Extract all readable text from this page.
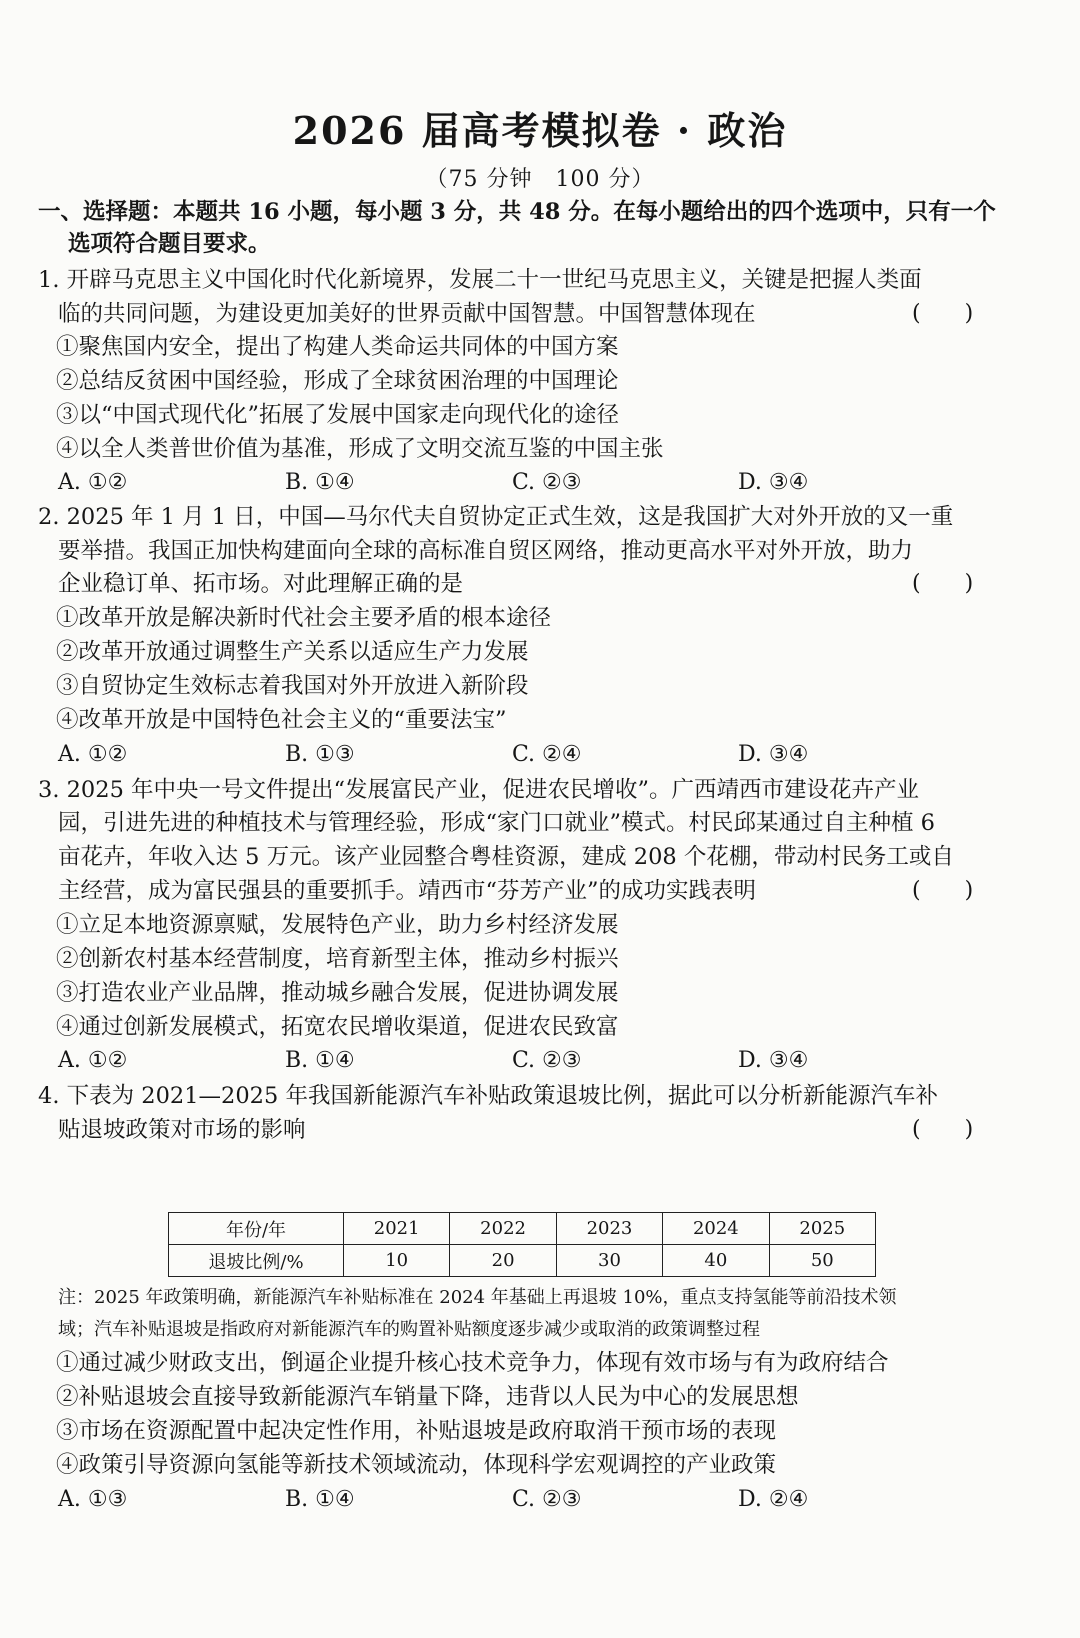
2026 届高考模拟卷 · 政治
（75 分钟　100 分）
一、选择题：本题共 16 小题，每小题 3 分，共 48 分。在每小题给出的四个选项中，只有一个
选项符合题目要求。
1. 开辟马克思主义中国化时代化新境界，发展二十一世纪马克思主义，关键是把握人类面
临的共同问题，为建设更加美好的世界贡献中国智慧。中国智慧体现在	(　　)
①聚焦国内安全，提出了构建人类命运共同体的中国方案
②总结反贫困中国经验，形成了全球贫困治理的中国理论
③以“中国式现代化”拓展了发展中国家走向现代化的途径
④以全人类普世价值为基准，形成了文明交流互鉴的中国主张
A. ①②	B. ①④	C. ②③	D. ③④
2. 2025 年 1 月 1 日，中国—马尔代夫自贸协定正式生效，这是我国扩大对外开放的又一重
要举措。我国正加快构建面向全球的高标准自贸区网络，推动更高水平对外开放，助力
企业稳订单、拓市场。对此理解正确的是	(　　)
①改革开放是解决新时代社会主要矛盾的根本途径
②改革开放通过调整生产关系以适应生产力发展
③自贸协定生效标志着我国对外开放进入新阶段
④改革开放是中国特色社会主义的“重要法宝”
A. ①②	B. ①③	C. ②④	D. ③④
3. 2025 年中央一号文件提出“发展富民产业，促进农民增收”。广西靖西市建设花卉产业
园，引进先进的种植技术与管理经验，形成“家门口就业”模式。村民邱某通过自主种植 6
亩花卉，年收入达 5 万元。该产业园整合粤桂资源，建成 208 个花棚，带动村民务工或自
主经营，成为富民强县的重要抓手。靖西市“芬芳产业”的成功实践表明	(　　)
①立足本地资源禀赋，发展特色产业，助力乡村经济发展
②创新农村基本经营制度，培育新型主体，推动乡村振兴
③打造农业产业品牌，推动城乡融合发展，促进协调发展
④通过创新发展模式，拓宽农民增收渠道，促进农民致富
A. ①②	B. ①④	C. ②③	D. ③④
4. 下表为 2021—2025 年我国新能源汽车补贴政策退坡比例，据此可以分析新能源汽车补
贴退坡政策对市场的影响	(　　)
年份/年	2021	2022	2023	2024	2025
退坡比例/%	10	20	30	40	50
注：2025 年政策明确，新能源汽车补贴标准在 2024 年基础上再退坡 10%，重点支持氢能等前沿技术领
域；汽车补贴退坡是指政府对新能源汽车的购置补贴额度逐步减少或取消的政策调整过程
①通过减少财政支出，倒逼企业提升核心技术竞争力，体现有效市场与有为政府结合
②补贴退坡会直接导致新能源汽车销量下降，违背以人民为中心的发展思想
③市场在资源配置中起决定性作用，补贴退坡是政府取消干预市场的表现
④政策引导资源向氢能等新技术领域流动，体现科学宏观调控的产业政策
A. ①③	B. ①④	C. ②③	D. ②④
